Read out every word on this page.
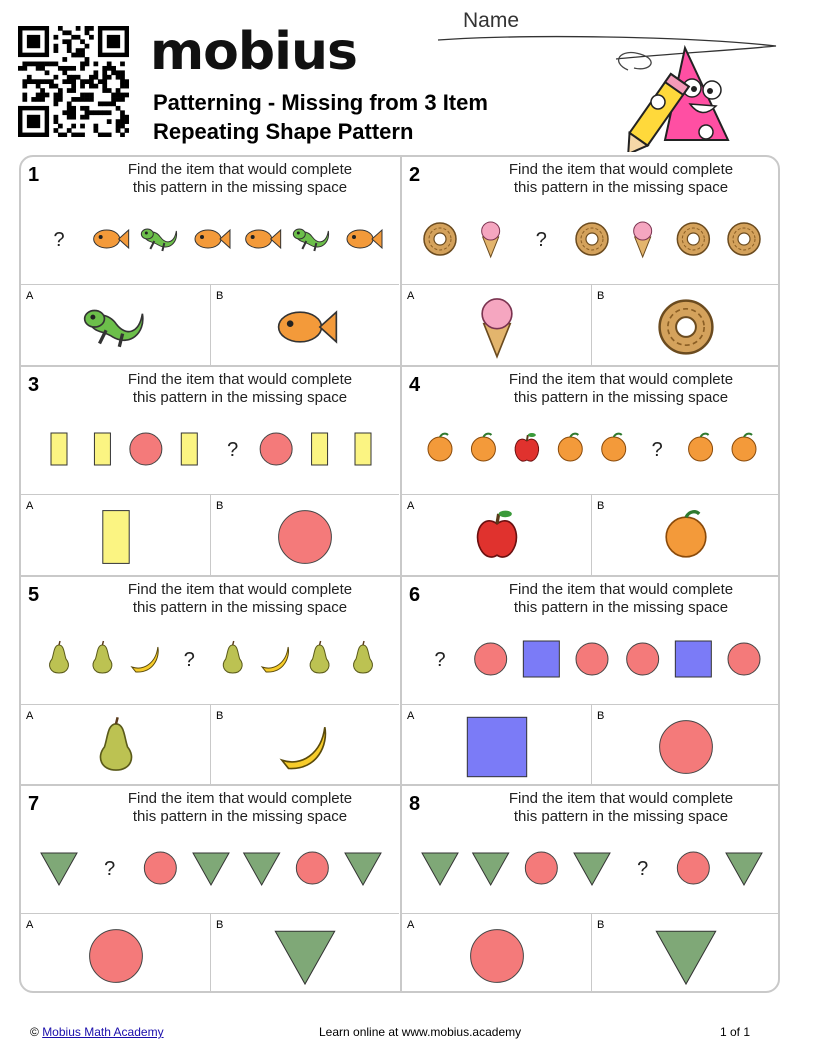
mobius
Patterning - Missing from 3 Item
Repeating Shape Pattern
Name
1	Find the item that would complete
this pattern in the missing space
?
A	B
2	Find the item that would complete
this pattern in the missing space
?
A	B
3	Find the item that would complete
this pattern in the missing space
?
A	B
4	Find the item that would complete
this pattern in the missing space
?
A	B
5	Find the item that would complete
this pattern in the missing space
?
A	B
6	Find the item that would complete
this pattern in the missing space
?
A	B
7	Find the item that would complete
this pattern in the missing space
?
A	B
8	Find the item that would complete
this pattern in the missing space
?
A	B
© Mobius Math Academy	Learn online at www.mobius.academy	1 of 1
